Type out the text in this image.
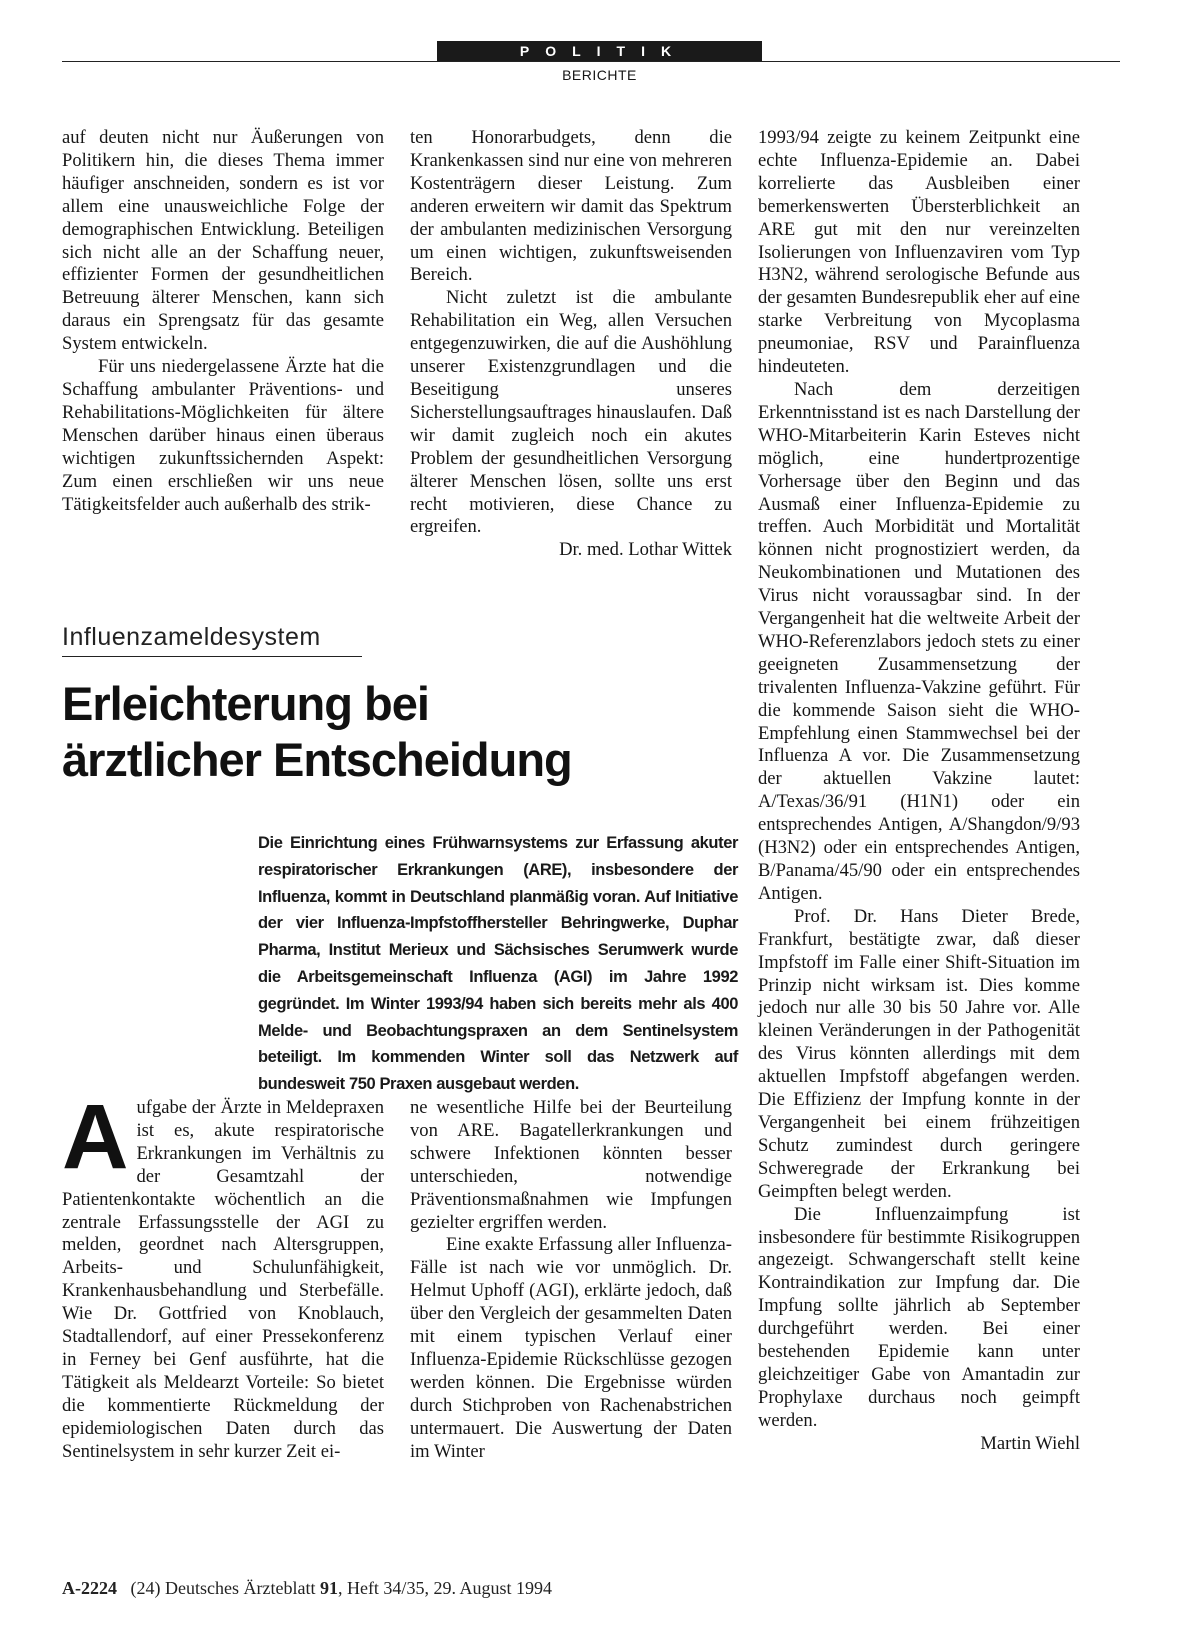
POLITIK
BERICHTE

auf deuten nicht nur Äußerungen von Politikern hin, die dieses Thema immer häufiger anschneiden, sondern es ist vor allem eine unausweichliche Folge der demographischen Entwicklung. Beteiligen sich nicht alle an der Schaffung neuer, effizienter Formen der gesundheitlichen Betreuung älterer Menschen, kann sich daraus ein Sprengsatz für das gesamte System entwickeln.

Für uns niedergelassene Ärzte hat die Schaffung ambulanter Präventions- und Rehabilitations-Möglichkeiten für ältere Menschen darüber hinaus einen überaus wichtigen zukunftssichernden Aspekt: Zum einen erschließen wir uns neue Tätigkeitsfelder auch außerhalb des strik-

ten Honorarbudgets, denn die Krankenkassen sind nur eine von mehreren Kostenträgern dieser Leistung. Zum anderen erweitern wir damit das Spektrum der ambulanten medizinischen Versorgung um einen wichtigen, zukunftsweisenden Bereich.

Nicht zuletzt ist die ambulante Rehabilitation ein Weg, allen Versuchen entgegenzuwirken, die auf die Aushöhlung unserer Existenzgrundlagen und die Beseitigung unseres Sicherstellungsauftrages hinauslaufen. Daß wir damit zugleich noch ein akutes Problem der gesundheitlichen Versorgung älterer Menschen lösen, sollte uns erst recht motivieren, diese Chance zu ergreifen.

Dr. med. Lothar Wittek

1993/94 zeigte zu keinem Zeitpunkt eine echte Influenza-Epidemie an. Dabei korrelierte das Ausbleiben einer bemerkenswerten Übersterblichkeit an ARE gut mit den nur vereinzelten Isolierungen von Influenzaviren vom Typ H3N2, während serologische Befunde aus der gesamten Bundesrepublik eher auf eine starke Verbreitung von Mycoplasma pneumoniae, RSV und Parainfluenza hindeuteten.

Nach dem derzeitigen Erkenntnisstand ist es nach Darstellung der WHO-Mitarbeiterin Karin Esteves nicht möglich, eine hundertprozentige Vorhersage über den Beginn und das Ausmaß einer Influenza-Epidemie zu treffen. Auch Morbidität und Mortalität können nicht prognostiziert werden, da Neukombinationen und Mutationen des Virus nicht voraussagbar sind. In der Vergangenheit hat die weltweite Arbeit der WHO-Referenzlabors jedoch stets zu einer geeigneten Zusammensetzung der trivalenten Influenza-Vakzine geführt. Für die kommende Saison sieht die WHO-Empfehlung einen Stammwechsel bei der Influenza A vor. Die Zusammensetzung der aktuellen Vakzine lautet: A/Texas/36/91 (H1N1) oder ein entsprechendes Antigen, A/Shangdon/9/93 (H3N2) oder ein entsprechendes Antigen, B/Panama/45/90 oder ein entsprechendes Antigen.

Prof. Dr. Hans Dieter Brede, Frankfurt, bestätigte zwar, daß dieser Impfstoff im Falle einer Shift-Situation im Prinzip nicht wirksam ist. Dies komme jedoch nur alle 30 bis 50 Jahre vor. Alle kleinen Veränderungen in der Pathogenität des Virus könnten allerdings mit dem aktuellen Impfstoff abgefangen werden. Die Effizienz der Impfung konnte in der Vergangenheit bei einem frühzeitigen Schutz zumindest durch geringere Schweregrade der Erkrankung bei Geimpften belegt werden.

Die Influenzaimpfung ist insbesondere für bestimmte Risikogruppen angezeigt. Schwangerschaft stellt keine Kontraindikation zur Impfung dar. Die Impfung sollte jährlich ab September durchgeführt werden. Bei einer bestehenden Epidemie kann unter gleichzeitiger Gabe von Amantadin zur Prophylaxe durchaus noch geimpft werden.

Martin Wiehl

Influenzameldesystem
Erleichterung bei
ärztlicher Entscheidung
Die Einrichtung eines Frühwarnsystems zur Erfassung akuter respiratorischer Erkrankungen (ARE), insbesondere der Influenza, kommt in Deutschland planmäßig voran. Auf Initiative der vier Influenza-Impfstoffhersteller Behringwerke, Duphar Pharma, Institut Merieux und Sächsisches Serumwerk wurde die Arbeitsgemeinschaft Influenza (AGI) im Jahre 1992 gegründet. Im Winter 1993/94 haben sich bereits mehr als 400 Melde- und Beobachtungspraxen an dem Sentinelsystem beteiligt. Im kommenden Winter soll das Netzwerk auf bundesweit 750 Praxen ausgebaut werden.

Aufgabe der Ärzte in Meldepraxen ist es, akute respiratorische Erkrankungen im Verhältnis zu der Gesamtzahl der Patientenkontakte wöchentlich an die zentrale Erfassungsstelle der AGI zu melden, geordnet nach Altersgruppen, Arbeits- und Schulunfähigkeit, Krankenhausbehandlung und Sterbefälle. Wie Dr. Gottfried von Knoblauch, Stadtallendorf, auf einer Pressekonferenz in Ferney bei Genf ausführte, hat die Tätigkeit als Meldearzt Vorteile: So bietet die kommentierte Rückmeldung der epidemiologischen Daten durch das Sentinelsystem in sehr kurzer Zeit ei-

ne wesentliche Hilfe bei der Beurteilung von ARE. Bagatellerkrankungen und schwere Infektionen könnten besser unterschieden, notwendige Präventionsmaßnahmen wie Impfungen gezielter ergriffen werden.

Eine exakte Erfassung aller Influenza-Fälle ist nach wie vor unmöglich. Dr. Helmut Uphoff (AGI), erklärte jedoch, daß über den Vergleich der gesammelten Daten mit einem typischen Verlauf einer Influenza-Epidemie Rückschlüsse gezogen werden können. Die Ergebnisse würden durch Stichproben von Rachenabstrichen untermauert. Die Auswertung der Daten im Winter

A-2224 (24) Deutsches Ärzteblatt 91, Heft 34/35, 29. August 1994
